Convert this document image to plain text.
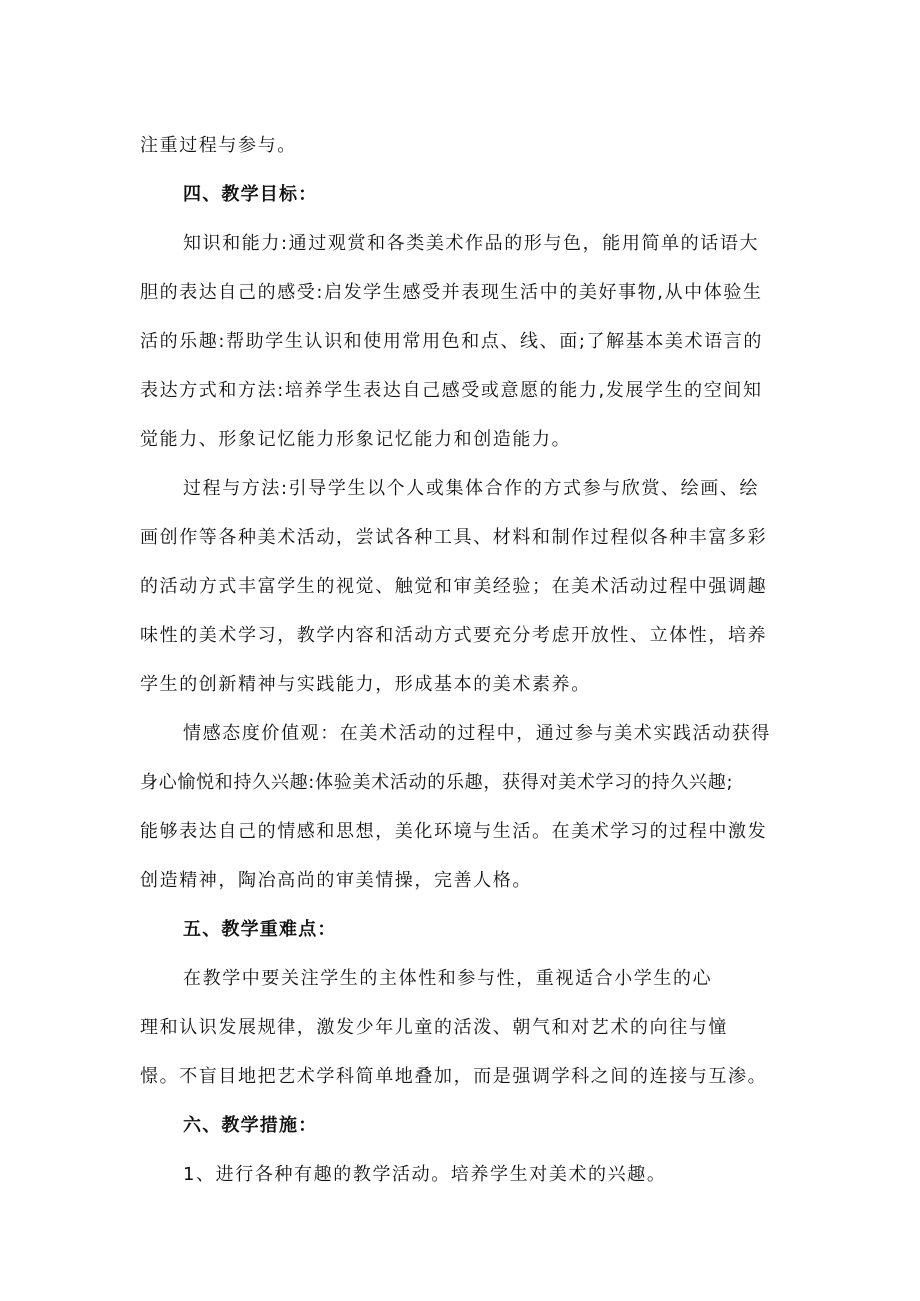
注重过程与参与。
四、教学目标：
知识和能力:通过观赏和各类美术作品的形与色，能用简单的话语大
胆的表达自己的感受:启发学生感受并表现生活中的美好事物,从中体验生
活的乐趣:帮助学生认识和使用常用色和点、线、面;了解基本美术语言的
表达方式和方法:培养学生表达自己感受或意愿的能力,发展学生的空间知
觉能力、形象记忆能力形象记忆能力和创造能力。
过程与方法:引导学生以个人或集体合作的方式参与欣赏、绘画、绘
画创作等各种美术活动，尝试各种工具、材料和制作过程似各种丰富多彩
的活动方式丰富学生的视觉、触觉和审美经验；在美术活动过程中强调趣
味性的美术学习，教学内容和活动方式要充分考虑开放性、立体性，培养
学生的创新精神与实践能力，形成基本的美术素养。
情感态度价值观：在美术活动的过程中，通过参与美术实践活动获得
身心愉悦和持久兴趣:体验美术活动的乐趣，获得对美术学习的持久兴趣;
能够表达自己的情感和思想，美化环境与生活。在美术学习的过程中激发
创造精神，陶冶高尚的审美情操，完善人格。
五、教学重难点：
在教学中要关注学生的主体性和参与性，重视适合小学生的心
理和认识发展规律，激发少年儿童的活泼、朝气和对艺术的向往与憧
憬。不盲目地把艺术学科简单地叠加，而是强调学科之间的连接与互渗。
六、教学措施：
1、进行各种有趣的教学活动。培养学生对美术的兴趣。
